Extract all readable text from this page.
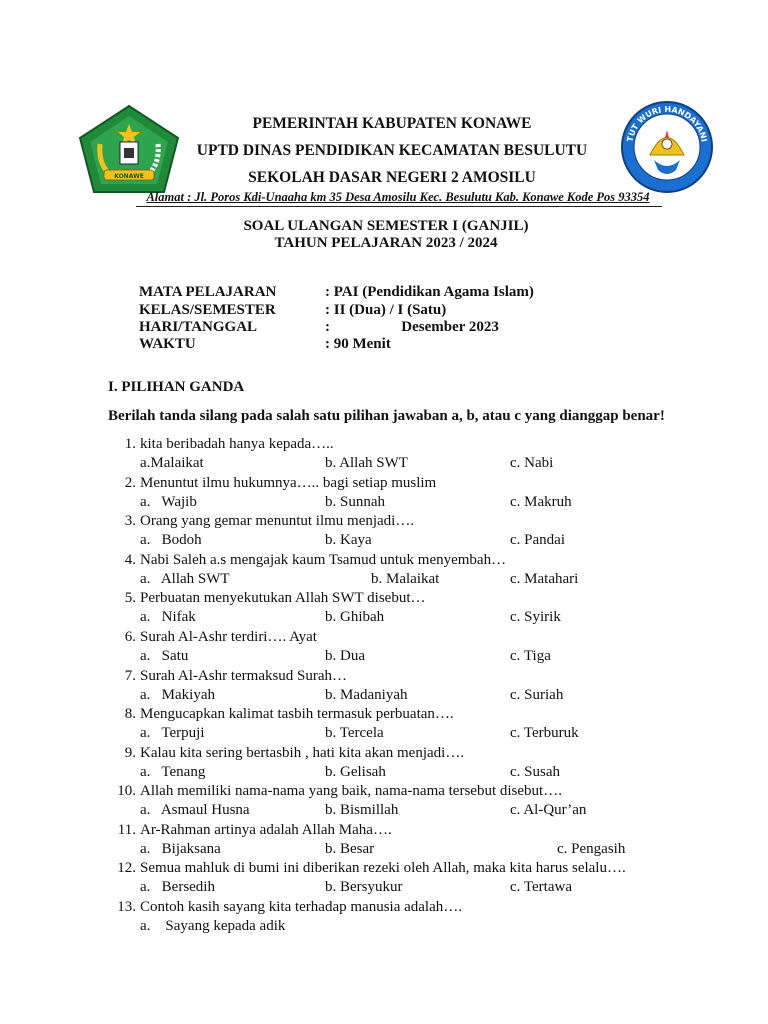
KONAWE
TUT WURI HANDAYANI
PEMERINTAH KABUPATEN KONAWE
UPTD DINAS PENDIDIKAN KECAMATAN BESULUTU
SEKOLAH DASAR NEGERI 2 AMOSILU
Alamat : Jl. Poros Kdi-Unaaha km 35 Desa Amosilu Kec. Besulutu Kab. Konawe Kode Pos 93354
SOAL ULANGAN SEMESTER I (GANJIL)
TAHUN PELAJARAN 2023 / 2024
MATA PELAJARAN	: PAI (Pendidikan Agama Islam)
KELAS/SEMESTER	: II (Dua) / I (Satu)
HARI/TANGGAL	:                   Desember 2023
WAKTU	: 90 Menit
I. PILIHAN GANDA
Berilah tanda silang pada salah satu pilihan jawaban a, b, atau c yang dianggap benar!
1. kita beribadah hanya kepada…..
a.Malaikat	b. Allah SWT	c. Nabi
2. Menuntut ilmu hukumnya….. bagi setiap muslim
a.   Wajib	b. Sunnah	c. Makruh
3. Orang yang gemar menuntut ilmu menjadi….
a.   Bodoh	b. Kaya	c. Pandai
4. Nabi Saleh a.s mengajak kaum Tsamud untuk menyembah…
a.   Allah SWT	b. Malaikat	c. Matahari
5. Perbuatan menyekutukan Allah SWT disebut…
a.   Nifak	b. Ghibah	c. Syirik
6. Surah Al-Ashr terdiri…. Ayat
a.   Satu	b. Dua	c. Tiga
7. Surah Al-Ashr termaksud Surah…
a.   Makiyah	b. Madaniyah	c. Suriah
8. Mengucapkan kalimat tasbih termasuk perbuatan….
a.   Terpuji	b. Tercela	c. Terburuk
9. Kalau kita sering bertasbih , hati kita akan menjadi….
a.   Tenang	b. Gelisah	c. Susah
10. Allah memiliki nama-nama yang baik, nama-nama tersebut disebut….
a.   Asmaul Husna	b. Bismillah	c. Al-Qur’an
11. Ar-Rahman artinya adalah Allah Maha….
a.   Bijaksana	b. Besar	c. Pengasih
12. Semua mahluk di bumi ini diberikan rezeki oleh Allah, maka kita harus selalu….
a.   Bersedih	b. Bersyukur	c. Tertawa
13. Contoh kasih sayang kita terhadap manusia adalah….
a.    Sayang kepada adik
